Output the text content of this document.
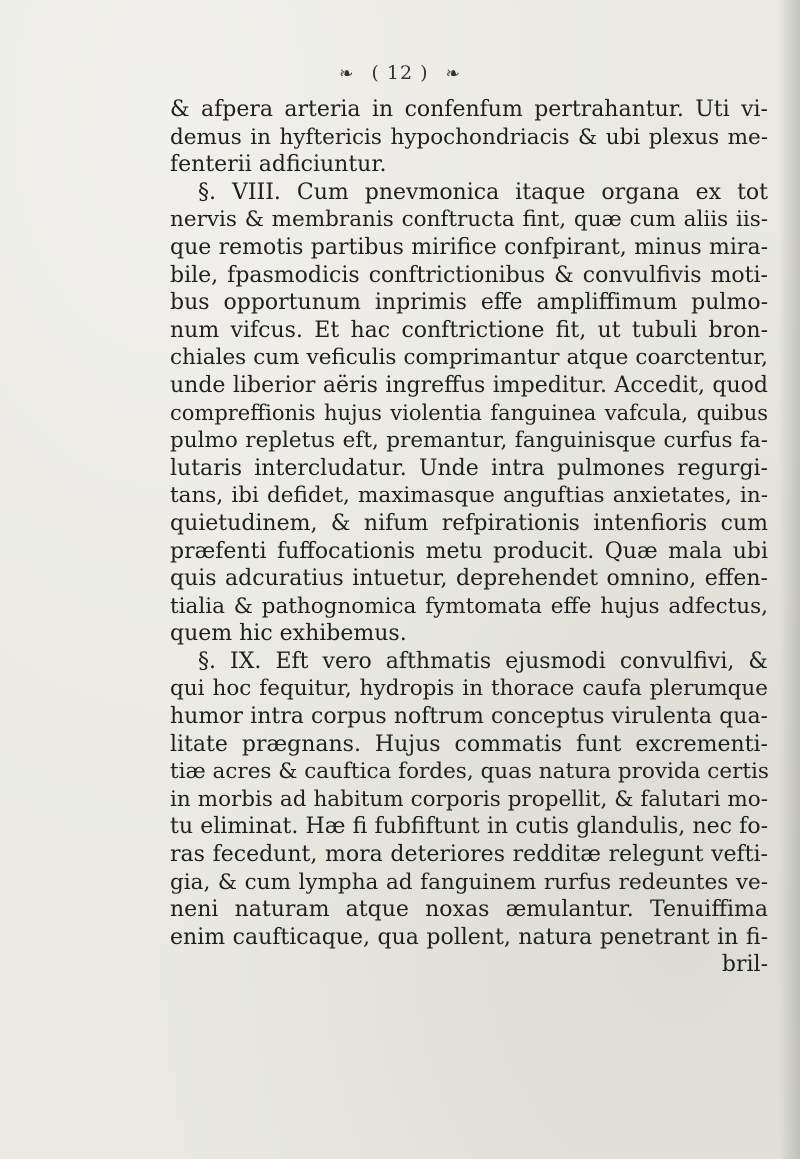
❧ ( 12 ) ❧
& afpera arteria in confenfum pertrahantur. Uti vi-
demus in hyftericis hypochondriacis & ubi plexus me-
fenterii adficiuntur.
§. VIII. Cum pnevmonica itaque organa ex tot
nervis & membranis conftructa fint, quæ cum aliis iis-
que remotis partibus mirifice confpirant, minus mira-
bile, fpasmodicis conftrictionibus & convulfivis moti-
bus opportunum inprimis effe ampliffimum pulmo-
num vifcus. Et hac conftrictione fit, ut tubuli bron-
chiales cum veficulis comprimantur atque coarctentur,
unde liberior aëris ingreffus impeditur. Accedit, quod
compreffionis hujus violentia fanguinea vafcula, quibus
pulmo repletus eft, premantur, fanguinisque curfus fa-
lutaris intercludatur. Unde intra pulmones regurgi-
tans, ibi defidet, maximasque anguftias anxietates, in-
quietudinem, & nifum refpirationis intenfioris cum
præfenti fuffocationis metu producit. Quæ mala ubi
quis adcuratius intuetur, deprehendet omnino, effen-
tialia & pathognomica fymtomata effe hujus adfectus,
quem hic exhibemus.
§. IX. Eft vero afthmatis ejusmodi convulfivi, &
qui hoc fequitur, hydropis in thorace caufa plerumque
humor intra corpus noftrum conceptus virulenta qua-
litate prægnans. Hujus commatis funt excrementi-
tiæ acres & cauftica fordes, quas natura provida certis
in morbis ad habitum corporis propellit, & falutari mo-
tu eliminat. Hæ fi fubfiftunt in cutis glandulis, nec fo-
ras fecedunt, mora deteriores redditæ relegunt vefti-
gia, & cum lympha ad fanguinem rurfus redeuntes ve-
neni naturam atque noxas æmulantur. Tenuiffima
enim caufticaque, qua pollent, natura penetrant in fi-
bril-
